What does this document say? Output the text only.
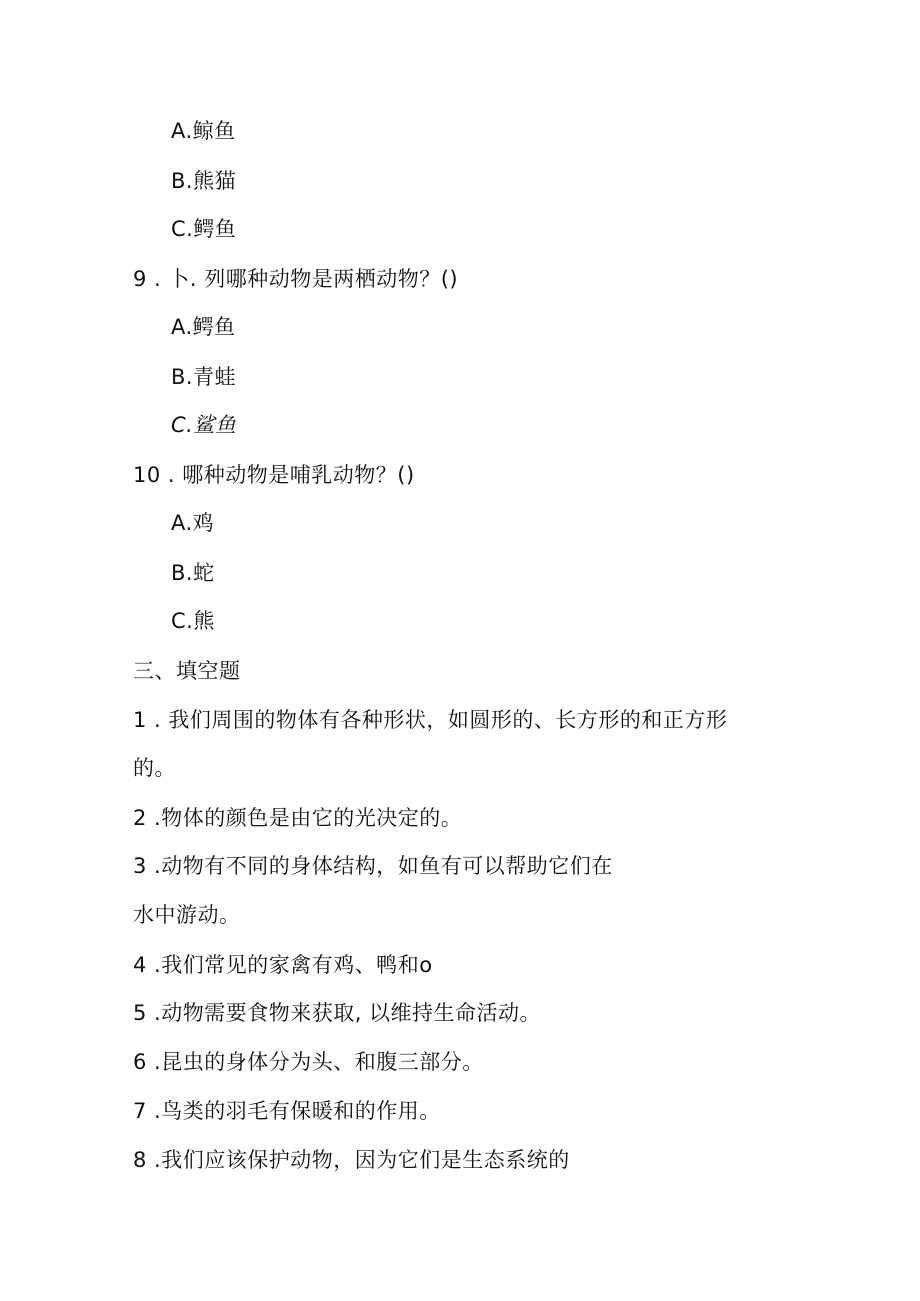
A.鲸鱼
B.熊猫
C.鳄鱼
9 . 卜. 列哪种动物是两栖动物？()
A.鳄鱼
B.青蛙
C.鲨鱼
10 . 哪种动物是哺乳动物？()
A.鸡
B.蛇
C.熊
三、填空题
1 . 我们周围的物体有各种形状，如圆形的、长方形的和正方形
的。
2 .物体的颜色是由它的光决定的。
3 .动物有不同的身体结构，如鱼有可以帮助它们在
水中游动。
4 .我们常见的家禽有鸡、鸭和o
5 .动物需要食物来获取, 以维持生命活动。
6 .昆虫的身体分为头、和腹三部分。
7 .鸟类的羽毛有保暖和的作用。
8 .我们应该保护动物，因为它们是生态系统的
